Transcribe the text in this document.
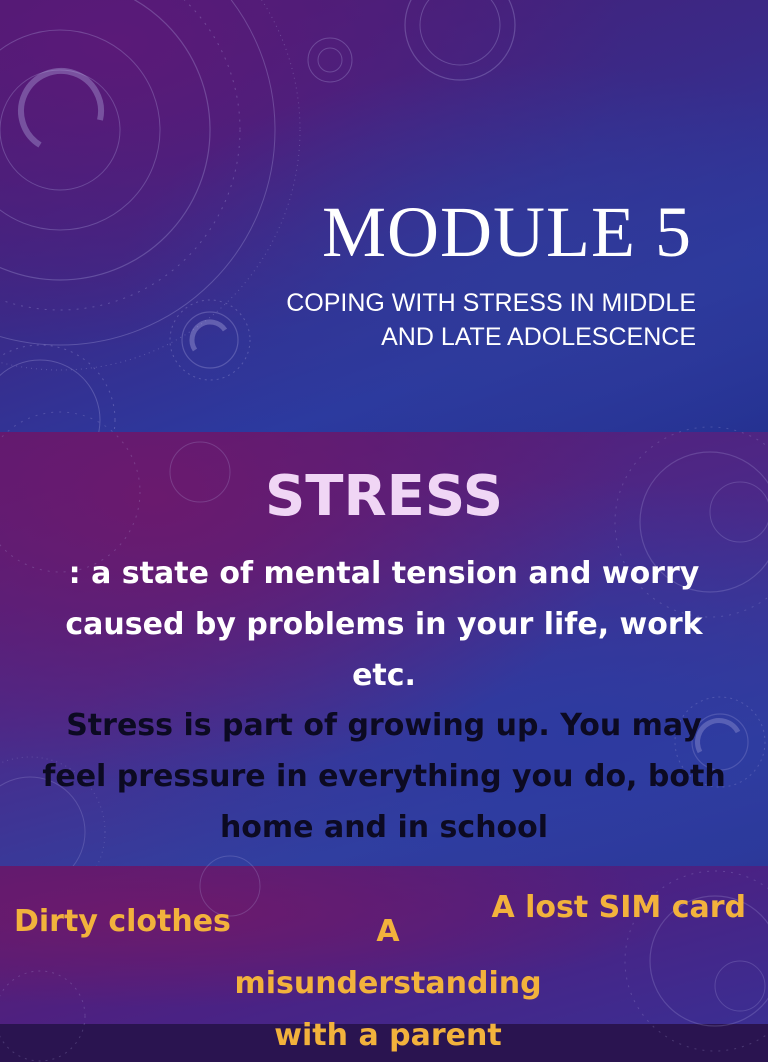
MODULE 5
COPING WITH STRESS IN MIDDLE
AND LATE ADOLESCENCE
STRESS
: a state of mental tension and worry
caused by problems in your life, work
etc.
Stress is part of growing up. You may
feel pressure in everything you do, both
home and in school
Dirty clothes	A lost SIM card
A
misunderstanding
with a parent
